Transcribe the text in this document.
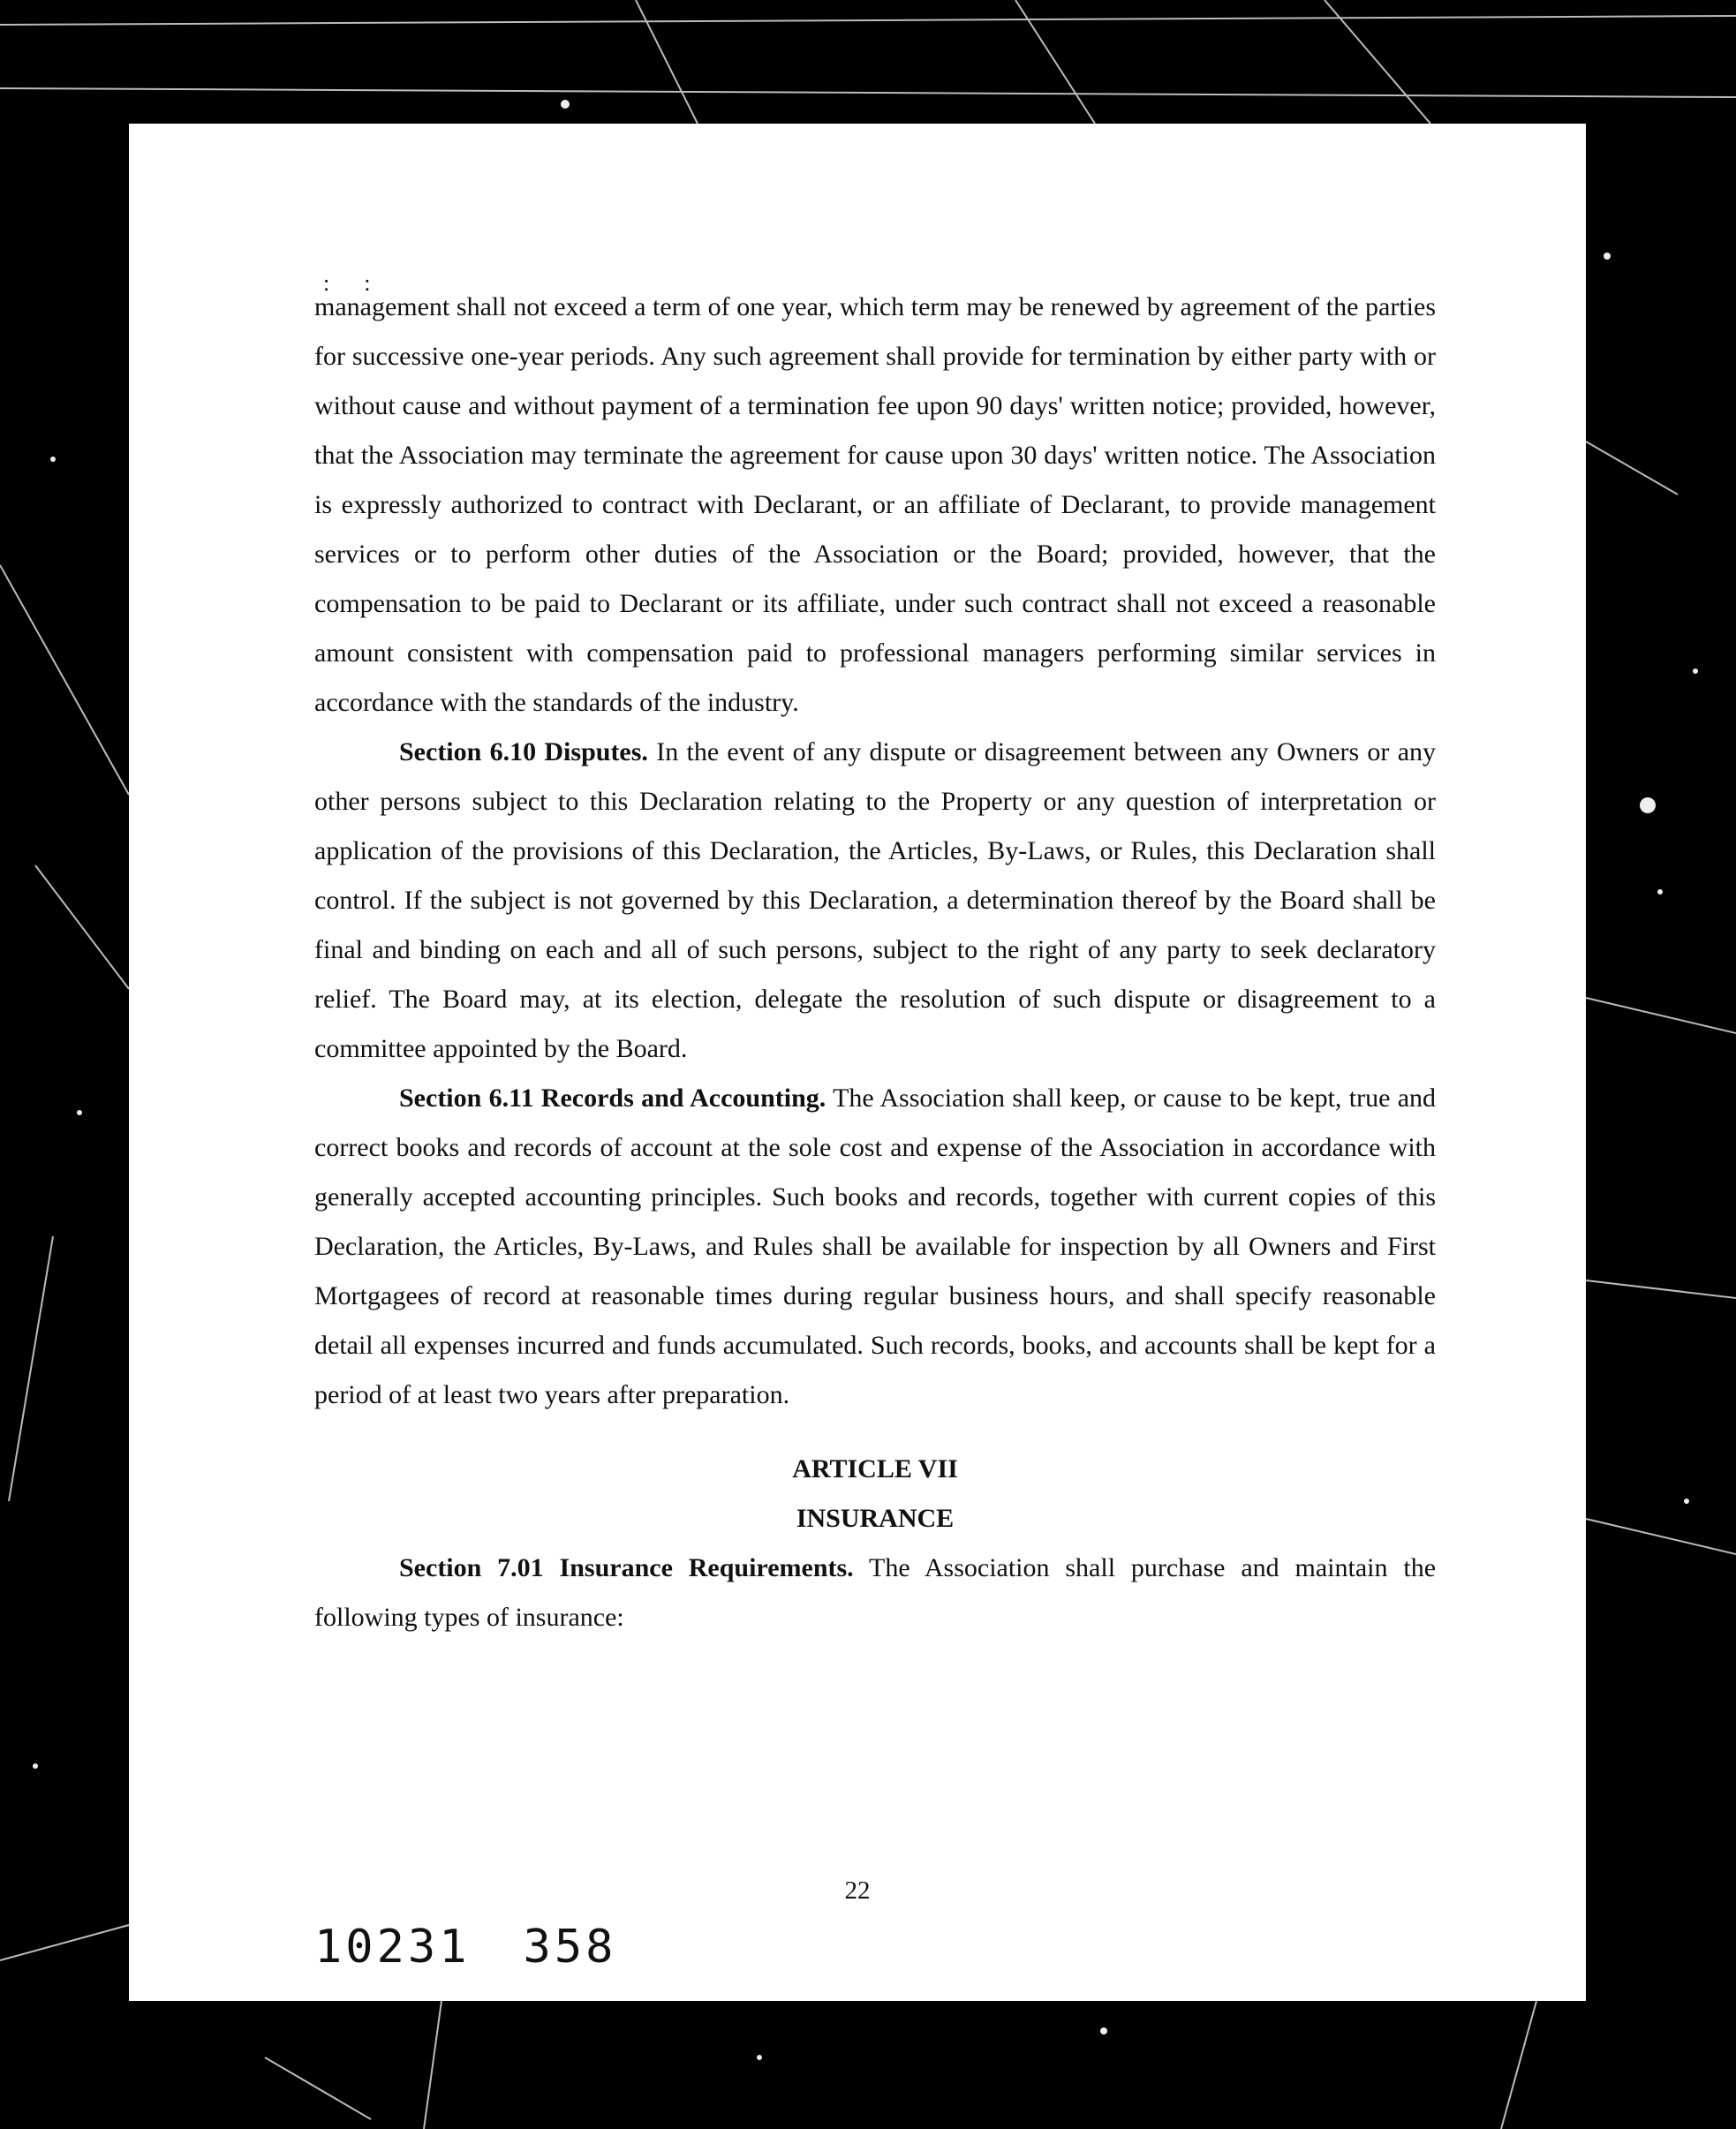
:      :

management shall not exceed a term of one year, which term may be renewed by agreement of the parties for successive one-year periods. Any such agreement shall provide for termination by either party with or without cause and without payment of a termination fee upon 90 days' written notice; provided, however, that the Association may terminate the agreement for cause upon 30 days' written notice. The Association is expressly authorized to contract with Declarant, or an affiliate of Declarant, to provide management services or to perform other duties of the Association or the Board; provided, however, that the compensation to be paid to Declarant or its affiliate, under such contract shall not exceed a reasonable amount consistent with compensation paid to professional managers performing similar services in accordance with the standards of the industry.

Section 6.10 Disputes. In the event of any dispute or disagreement between any Owners or any other persons subject to this Declaration relating to the Property or any question of interpretation or application of the provisions of this Declaration, the Articles, By-Laws, or Rules, this Declaration shall control. If the subject is not governed by this Declaration, a determination thereof by the Board shall be final and binding on each and all of such persons, subject to the right of any party to seek declaratory relief. The Board may, at its election, delegate the resolution of such dispute or disagreement to a committee appointed by the Board.

Section 6.11 Records and Accounting. The Association shall keep, or cause to be kept, true and correct books and records of account at the sole cost and expense of the Association in accordance with generally accepted accounting principles. Such books and records, together with current copies of this Declaration, the Articles, By-Laws, and Rules shall be available for inspection by all Owners and First Mortgagees of record at reasonable times during regular business hours, and shall specify reasonable detail all expenses incurred and funds accumulated. Such records, books, and accounts shall be kept for a period of at least two years after preparation.

ARTICLE VII
INSURANCE

Section 7.01 Insurance Requirements. The Association shall purchase and maintain the following types of insurance:

22
10231 358
